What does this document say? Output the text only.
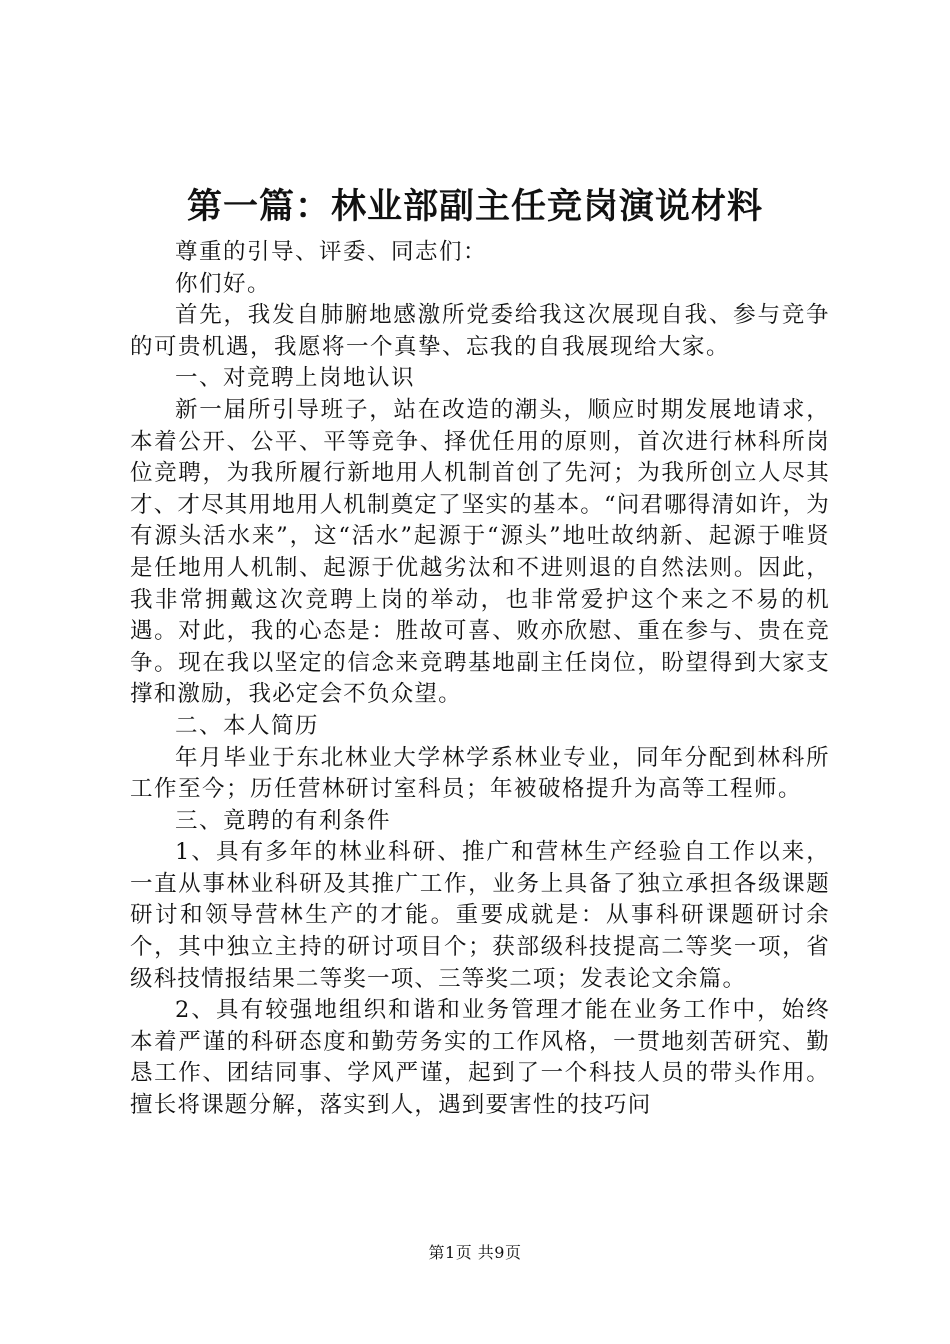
第一篇：林业部副主任竞岗演说材料

尊重的引导、评委、同志们：

你们好。

首先，我发自肺腑地感激所党委给我这次展现自我、参与竞争的可贵机遇，我愿将一个真挚、忘我的自我展现给大家。

一、对竞聘上岗地认识

新一届所引导班子，站在改造的潮头，顺应时期发展地请求，本着公开、公平、平等竞争、择优任用的原则，首次进行林科所岗位竞聘，为我所履行新地用人机制首创了先河；为我所创立人尽其才、才尽其用地用人机制奠定了坚实的基本。“问君哪得清如许，为有源头活水来”，这“活水”起源于“源头”地吐故纳新、起源于唯贤是任地用人机制、起源于优越劣汰和不进则退的自然法则。因此，我非常拥戴这次竞聘上岗的举动，也非常爱护这个来之不易的机遇。对此，我的心态是：胜故可喜、败亦欣慰、重在参与、贵在竞争。现在我以坚定的信念来竞聘基地副主任岗位，盼望得到大家支撑和激励，我必定会不负众望。

二、本人简历

年月毕业于东北林业大学林学系林业专业，同年分配到林科所工作至今；历任营林研讨室科员；年被破格提升为高等工程师。

三、竟聘的有利条件

1、具有多年的林业科研、推广和营林生产经验自工作以来，一直从事林业科研及其推广工作，业务上具备了独立承担各级课题研讨和领导营林生产的才能。重要成就是：从事科研课题研讨余个，其中独立主持的研讨项目个；获部级科技提高二等奖一项，省级科技情报结果二等奖一项、三等奖二项；发表论文余篇。

2、具有较强地组织和谐和业务管理才能在业务工作中，始终本着严谨的科研态度和勤劳务实的工作风格，一贯地刻苦研究、勤恳工作、团结同事、学风严谨，起到了一个科技人员的带头作用。擅长将课题分解，落实到人，遇到要害性的技巧问

第1页 共9页
